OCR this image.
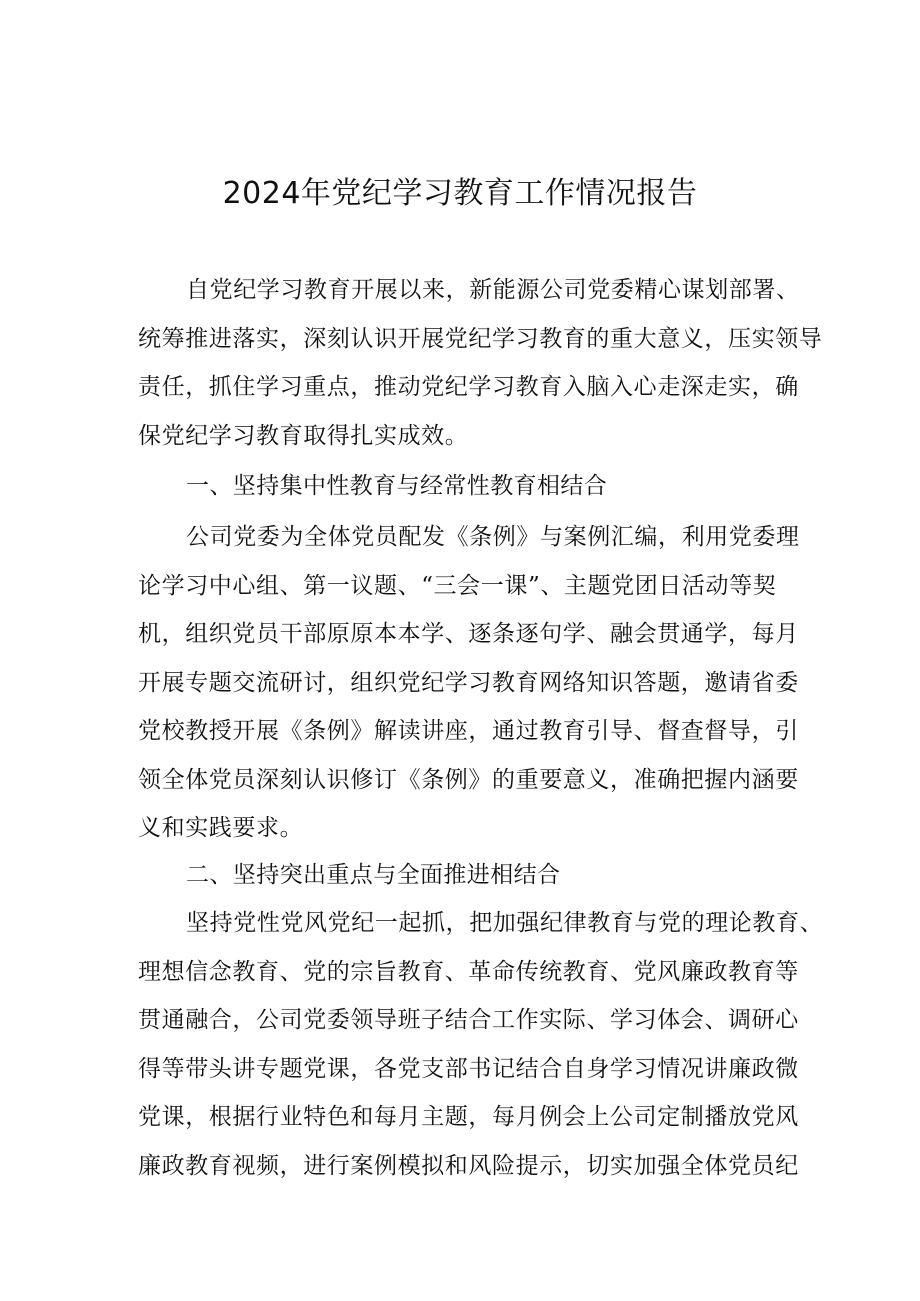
2024年党纪学习教育工作情况报告
自党纪学习教育开展以来，新能源公司党委精心谋划部署、
统筹推进落实，深刻认识开展党纪学习教育的重大意义，压实领导
责任，抓住学习重点，推动党纪学习教育入脑入心走深走实，确
保党纪学习教育取得扎实成效。
一、坚持集中性教育与经常性教育相结合
公司党委为全体党员配发《条例》与案例汇编，利用党委理
论学习中心组、第一议题、“三会一课”、主题党团日活动等契
机，组织党员干部原原本本学、逐条逐句学、融会贯通学，每月
开展专题交流研讨，组织党纪学习教育网络知识答题，邀请省委
党校教授开展《条例》解读讲座，通过教育引导、督查督导，引
领全体党员深刻认识修订《条例》的重要意义，准确把握内涵要
义和实践要求。
二、坚持突出重点与全面推进相结合
坚持党性党风党纪一起抓，把加强纪律教育与党的理论教育、
理想信念教育、党的宗旨教育、革命传统教育、党风廉政教育等
贯通融合，公司党委领导班子结合工作实际、学习体会、调研心
得等带头讲专题党课，各党支部书记结合自身学习情况讲廉政微
党课，根据行业特色和每月主题，每月例会上公司定制播放党风
廉政教育视频，进行案例模拟和风险提示，切实加强全体党员纪
